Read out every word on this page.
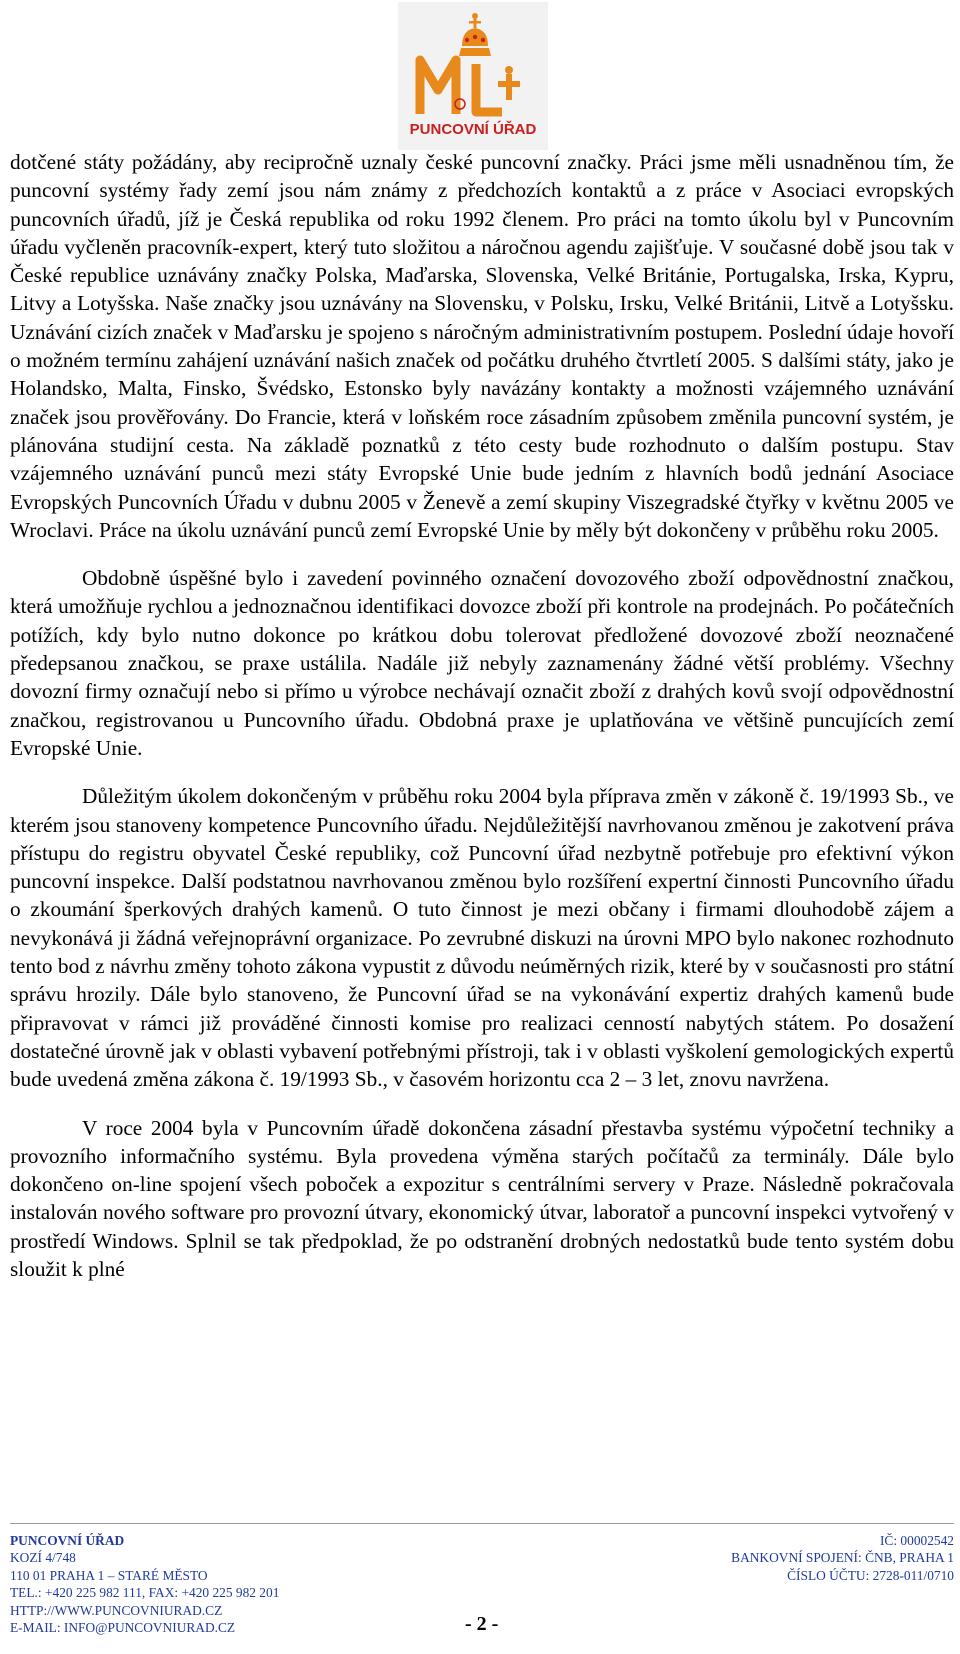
PUNCOVNÍ ÚŘAD

dotčené státy požádány, aby recipročně uznaly české puncovní značky. Práci jsme měli usnadněnou tím, že puncovní systémy řady zemí jsou nám známy z předchozích kontaktů a z práce v Asociaci evropských puncovních úřadů, jíž je Česká republika od roku 1992 členem. Pro práci na tomto úkolu byl v Puncovním úřadu vyčleněn pracovník-expert, který tuto složitou a náročnou agendu zajišťuje. V současné době jsou tak v České republice uznávány značky Polska, Maďarska, Slovenska, Velké Británie, Portugalska, Irska, Kypru, Litvy a Lotyšska. Naše značky jsou uznávány na Slovensku, v Polsku, Irsku, Velké Británii, Litvě a Lotyšsku. Uznávání cizích značek v Maďarsku je spojeno s náročným administrativním postupem. Poslední údaje hovoří o možném termínu zahájení uznávání našich značek od počátku druhého čtvrtletí 2005. S dalšími státy, jako je Holandsko, Malta, Finsko, Švédsko, Estonsko byly navázány kontakty a možnosti vzájemného uznávání značek jsou prověřovány. Do Francie, která v loňském roce zásadním způsobem změnila puncovní systém, je plánována studijní cesta. Na základě poznatků z této cesty bude rozhodnuto o dalším postupu. Stav vzájemného uznávání punců mezi státy Evropské Unie bude jedním z hlavních bodů jednání Asociace Evropských Puncovních Úřadu v dubnu 2005 v Ženevě a zemí skupiny Viszegradské čtyřky v květnu 2005 ve Wroclavi. Práce na úkolu uznávání punců zemí Evropské Unie by měly být dokončeny v průběhu roku 2005.

Obdobně úspěšné bylo i zavedení povinného označení dovozového zboží odpovědnostní značkou, která umožňuje rychlou a jednoznačnou identifikaci dovozce zboží při kontrole na prodejnách. Po počátečních potížích, kdy bylo nutno dokonce po krátkou dobu tolerovat předložené dovozové zboží neoznačené předepsanou značkou, se praxe ustálila. Nadále již nebyly zaznamenány žádné větší problémy. Všechny dovozní firmy označují nebo si přímo u výrobce nechávají označit zboží z drahých kovů svojí odpovědnostní značkou, registrovanou u Puncovního úřadu. Obdobná praxe je uplatňována ve většině puncujících zemí Evropské Unie.

Důležitým úkolem dokončeným v průběhu roku 2004 byla příprava změn v zákoně č. 19/1993 Sb., ve kterém jsou stanoveny kompetence Puncovního úřadu. Nejdůležitější navrhovanou změnou je zakotvení práva přístupu do registru obyvatel České republiky, což Puncovní úřad nezbytně potřebuje pro efektivní výkon puncovní inspekce. Další podstatnou navrhovanou změnou bylo rozšíření expertní činnosti Puncovního úřadu o zkoumání šperkových drahých kamenů. O tuto činnost je mezi občany i firmami dlouhodobě zájem a nevykonává ji žádná veřejnoprávní organizace. Po zevrubné diskuzi na úrovni MPO bylo nakonec rozhodnuto tento bod z návrhu změny tohoto zákona vypustit z důvodu neúměrných rizik, které by v současnosti pro státní správu hrozily. Dále bylo stanoveno, že Puncovní úřad se na vykonávání expertiz drahých kamenů bude připravovat v rámci již prováděné činnosti komise pro realizaci cenností nabytých státem. Po dosažení dostatečné úrovně jak v oblasti vybavení potřebnými přístroji, tak i v oblasti vyškolení gemologických expertů bude uvedená změna zákona č. 19/1993 Sb., v časovém horizontu cca 2 – 3 let, znovu navržena.

V roce 2004 byla v Puncovním úřadě dokončena zásadní přestavba systému výpočetní techniky a provozního informačního systému. Byla provedena výměna starých počítačů za terminály. Dále bylo dokončeno on-line spojení všech poboček a expozitur s centrálními servery v Praze. Následně pokračovala instalován nového software pro provozní útvary, ekonomický útvar, laboratoř a puncovní inspekci vytvořený v prostředí Windows. Splnil se tak předpoklad, že po odstranění drobných nedostatků bude tento systém dobu sloužit k plné

PUNCOVNÍ ÚŘAD
KOZÍ 4/748
110 01 PRAHA 1 – STARÉ MĚSTO
TEL.: +420 225 982 111, FAX: +420 225 982 201
HTTP://WWW.PUNCOVNIURAD.CZ
E-MAIL: INFO@PUNCOVNIURAD.CZ
IČ: 00002542
BANKOVNÍ SPOJENÍ: ČNB, PRAHA 1
ČÍSLO ÚČTU: 2728-011/0710
- 2 -
